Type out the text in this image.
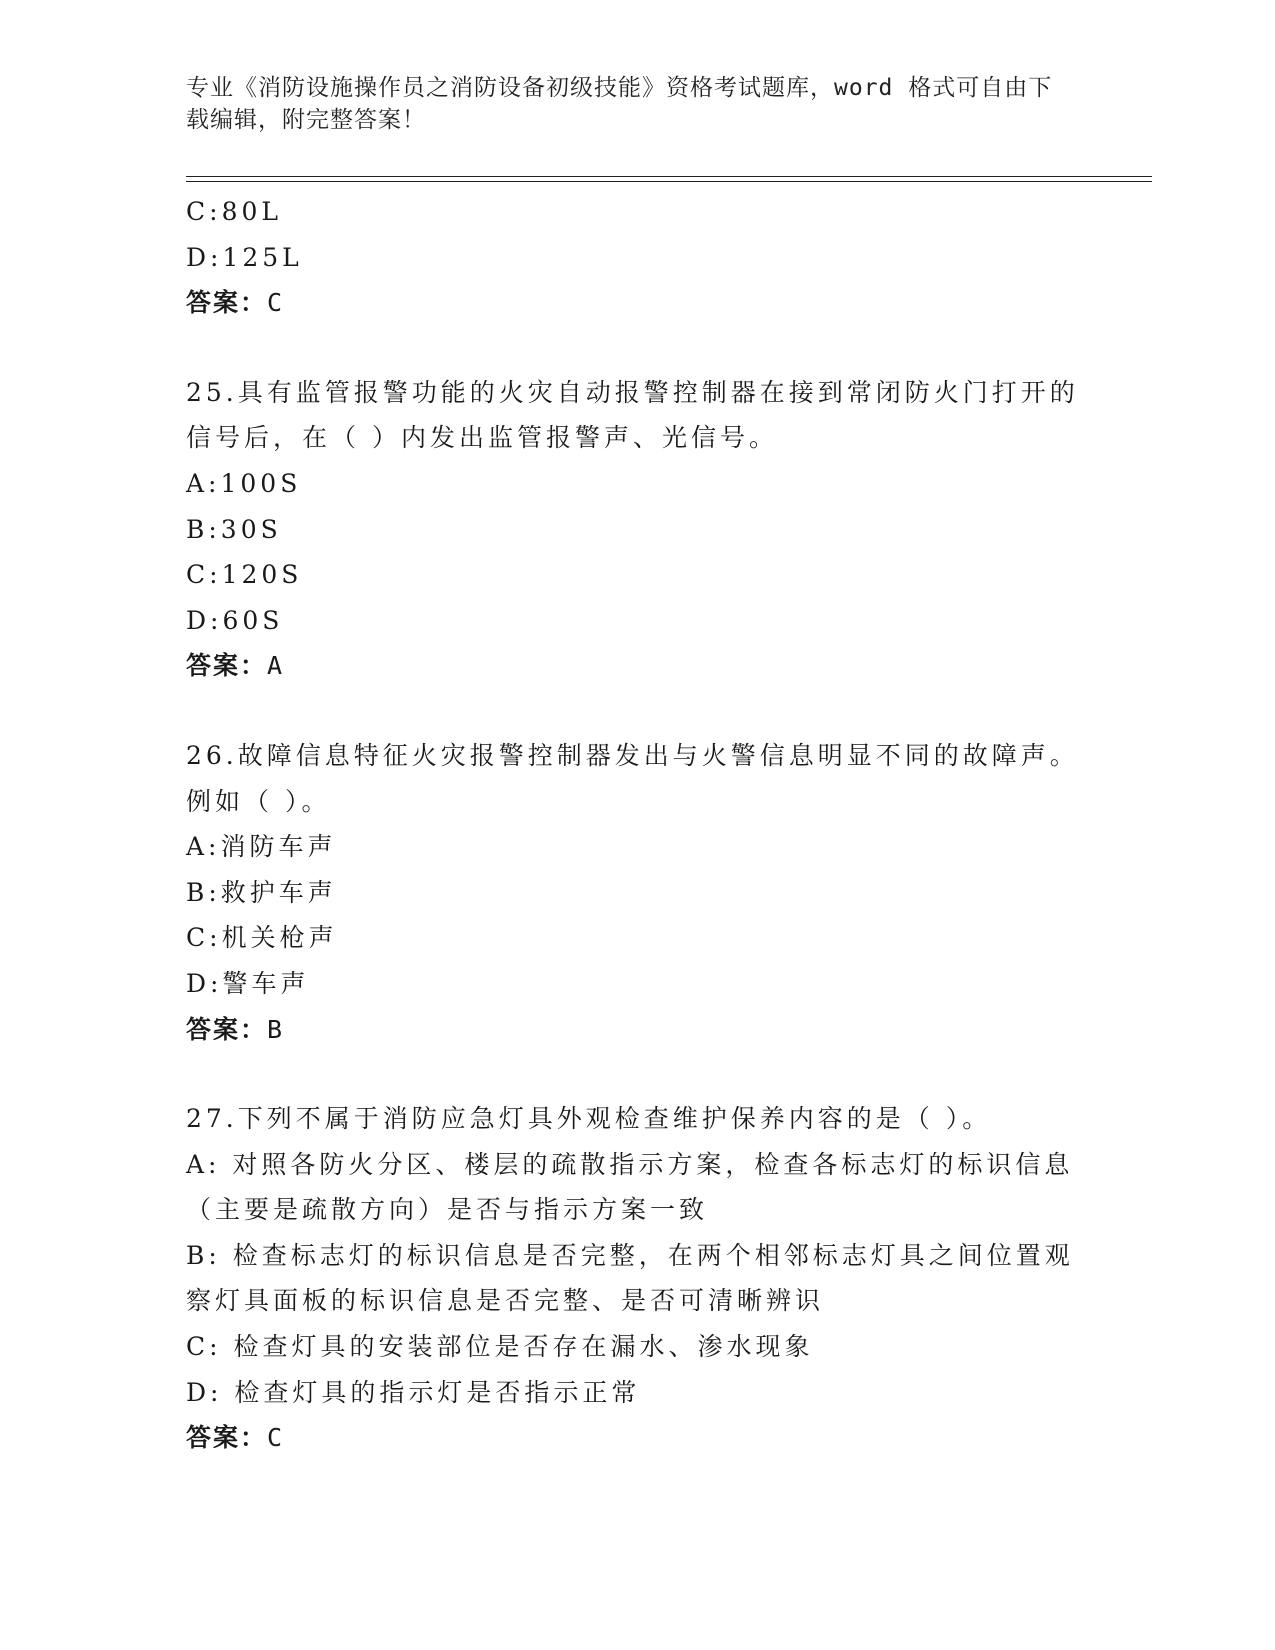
专业《消防设施操作员之消防设备初级技能》资格考试题库，word 格式可自由下
载编辑，附完整答案！
C:80L
D:125L
答案：C
25.具有监管报警功能的火灾自动报警控制器在接到常闭防火门打开的
信号后，在（ ）内发出监管报警声、光信号。
A:100S
B:30S
C:120S
D:60S
答案：A
26.故障信息特征火灾报警控制器发出与火警信息明显不同的故障声。
例如（ ）。
A:消防车声
B:救护车声
C:机关枪声
D:警车声
答案：B
27.下列不属于消防应急灯具外观检查维护保养内容的是（ ）。
A: 对照各防火分区、楼层的疏散指示方案，检查各标志灯的标识信息
（主要是疏散方向）是否与指示方案一致
B: 检查标志灯的标识信息是否完整，在两个相邻标志灯具之间位置观
察灯具面板的标识信息是否完整、是否可清晰辨识
C: 检查灯具的安装部位是否存在漏水、渗水现象
D: 检查灯具的指示灯是否指示正常
答案：C
